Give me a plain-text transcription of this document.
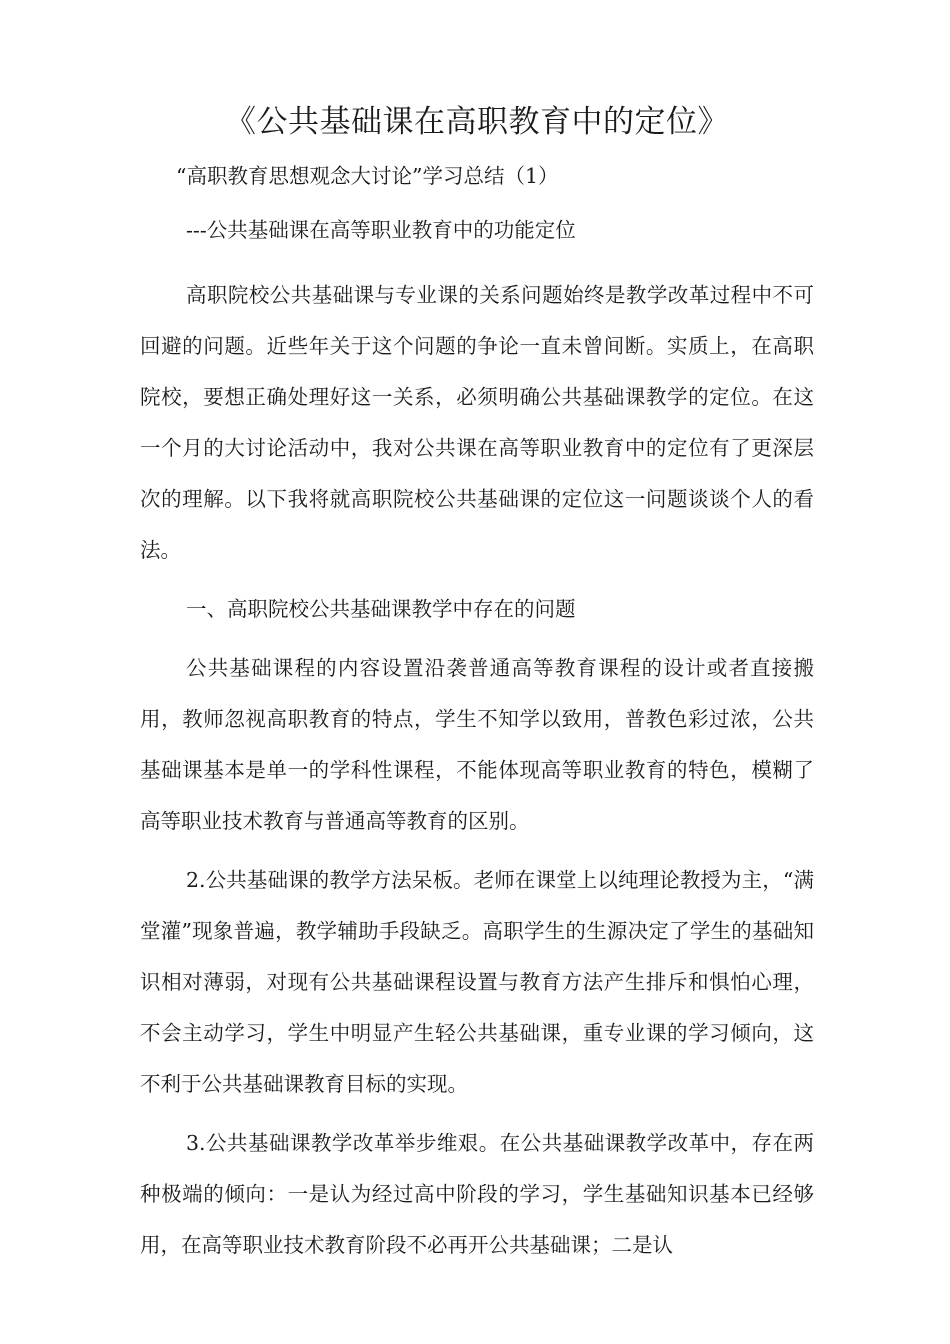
《公共基础课在高职教育中的定位》

“高职教育思想观念大讨论”学习总结（1）

---公共基础课在高等职业教育中的功能定位

高职院校公共基础课与专业课的关系问题始终是教学改革过程中不可回避的问题。近些年关于这个问题的争论一直未曾间断。实质上，在高职院校，要想正确处理好这一关系，必须明确公共基础课教学的定位。在这一个月的大讨论活动中，我对公共课在高等职业教育中的定位有了更深层次的理解。以下我将就高职院校公共基础课的定位这一问题谈谈个人的看法。

一、高职院校公共基础课教学中存在的问题

公共基础课程的内容设置沿袭普通高等教育课程的设计或者直接搬用，教师忽视高职教育的特点，学生不知学以致用，普教色彩过浓，公共基础课基本是单一的学科性课程，不能体现高等职业教育的特色，模糊了高等职业技术教育与普通高等教育的区别。

2.公共基础课的教学方法呆板。老师在课堂上以纯理论教授为主，“满堂灌”现象普遍，教学辅助手段缺乏。高职学生的生源决定了学生的基础知识相对薄弱，对现有公共基础课程设置与教育方法产生排斥和惧怕心理，不会主动学习，学生中明显产生轻公共基础课，重专业课的学习倾向，这不利于公共基础课教育目标的实现。

3.公共基础课教学改革举步维艰。在公共基础课教学改革中，存在两种极端的倾向：一是认为经过高中阶段的学习，学生基础知识基本已经够用，在高等职业技术教育阶段不必再开公共基础课；二是认
